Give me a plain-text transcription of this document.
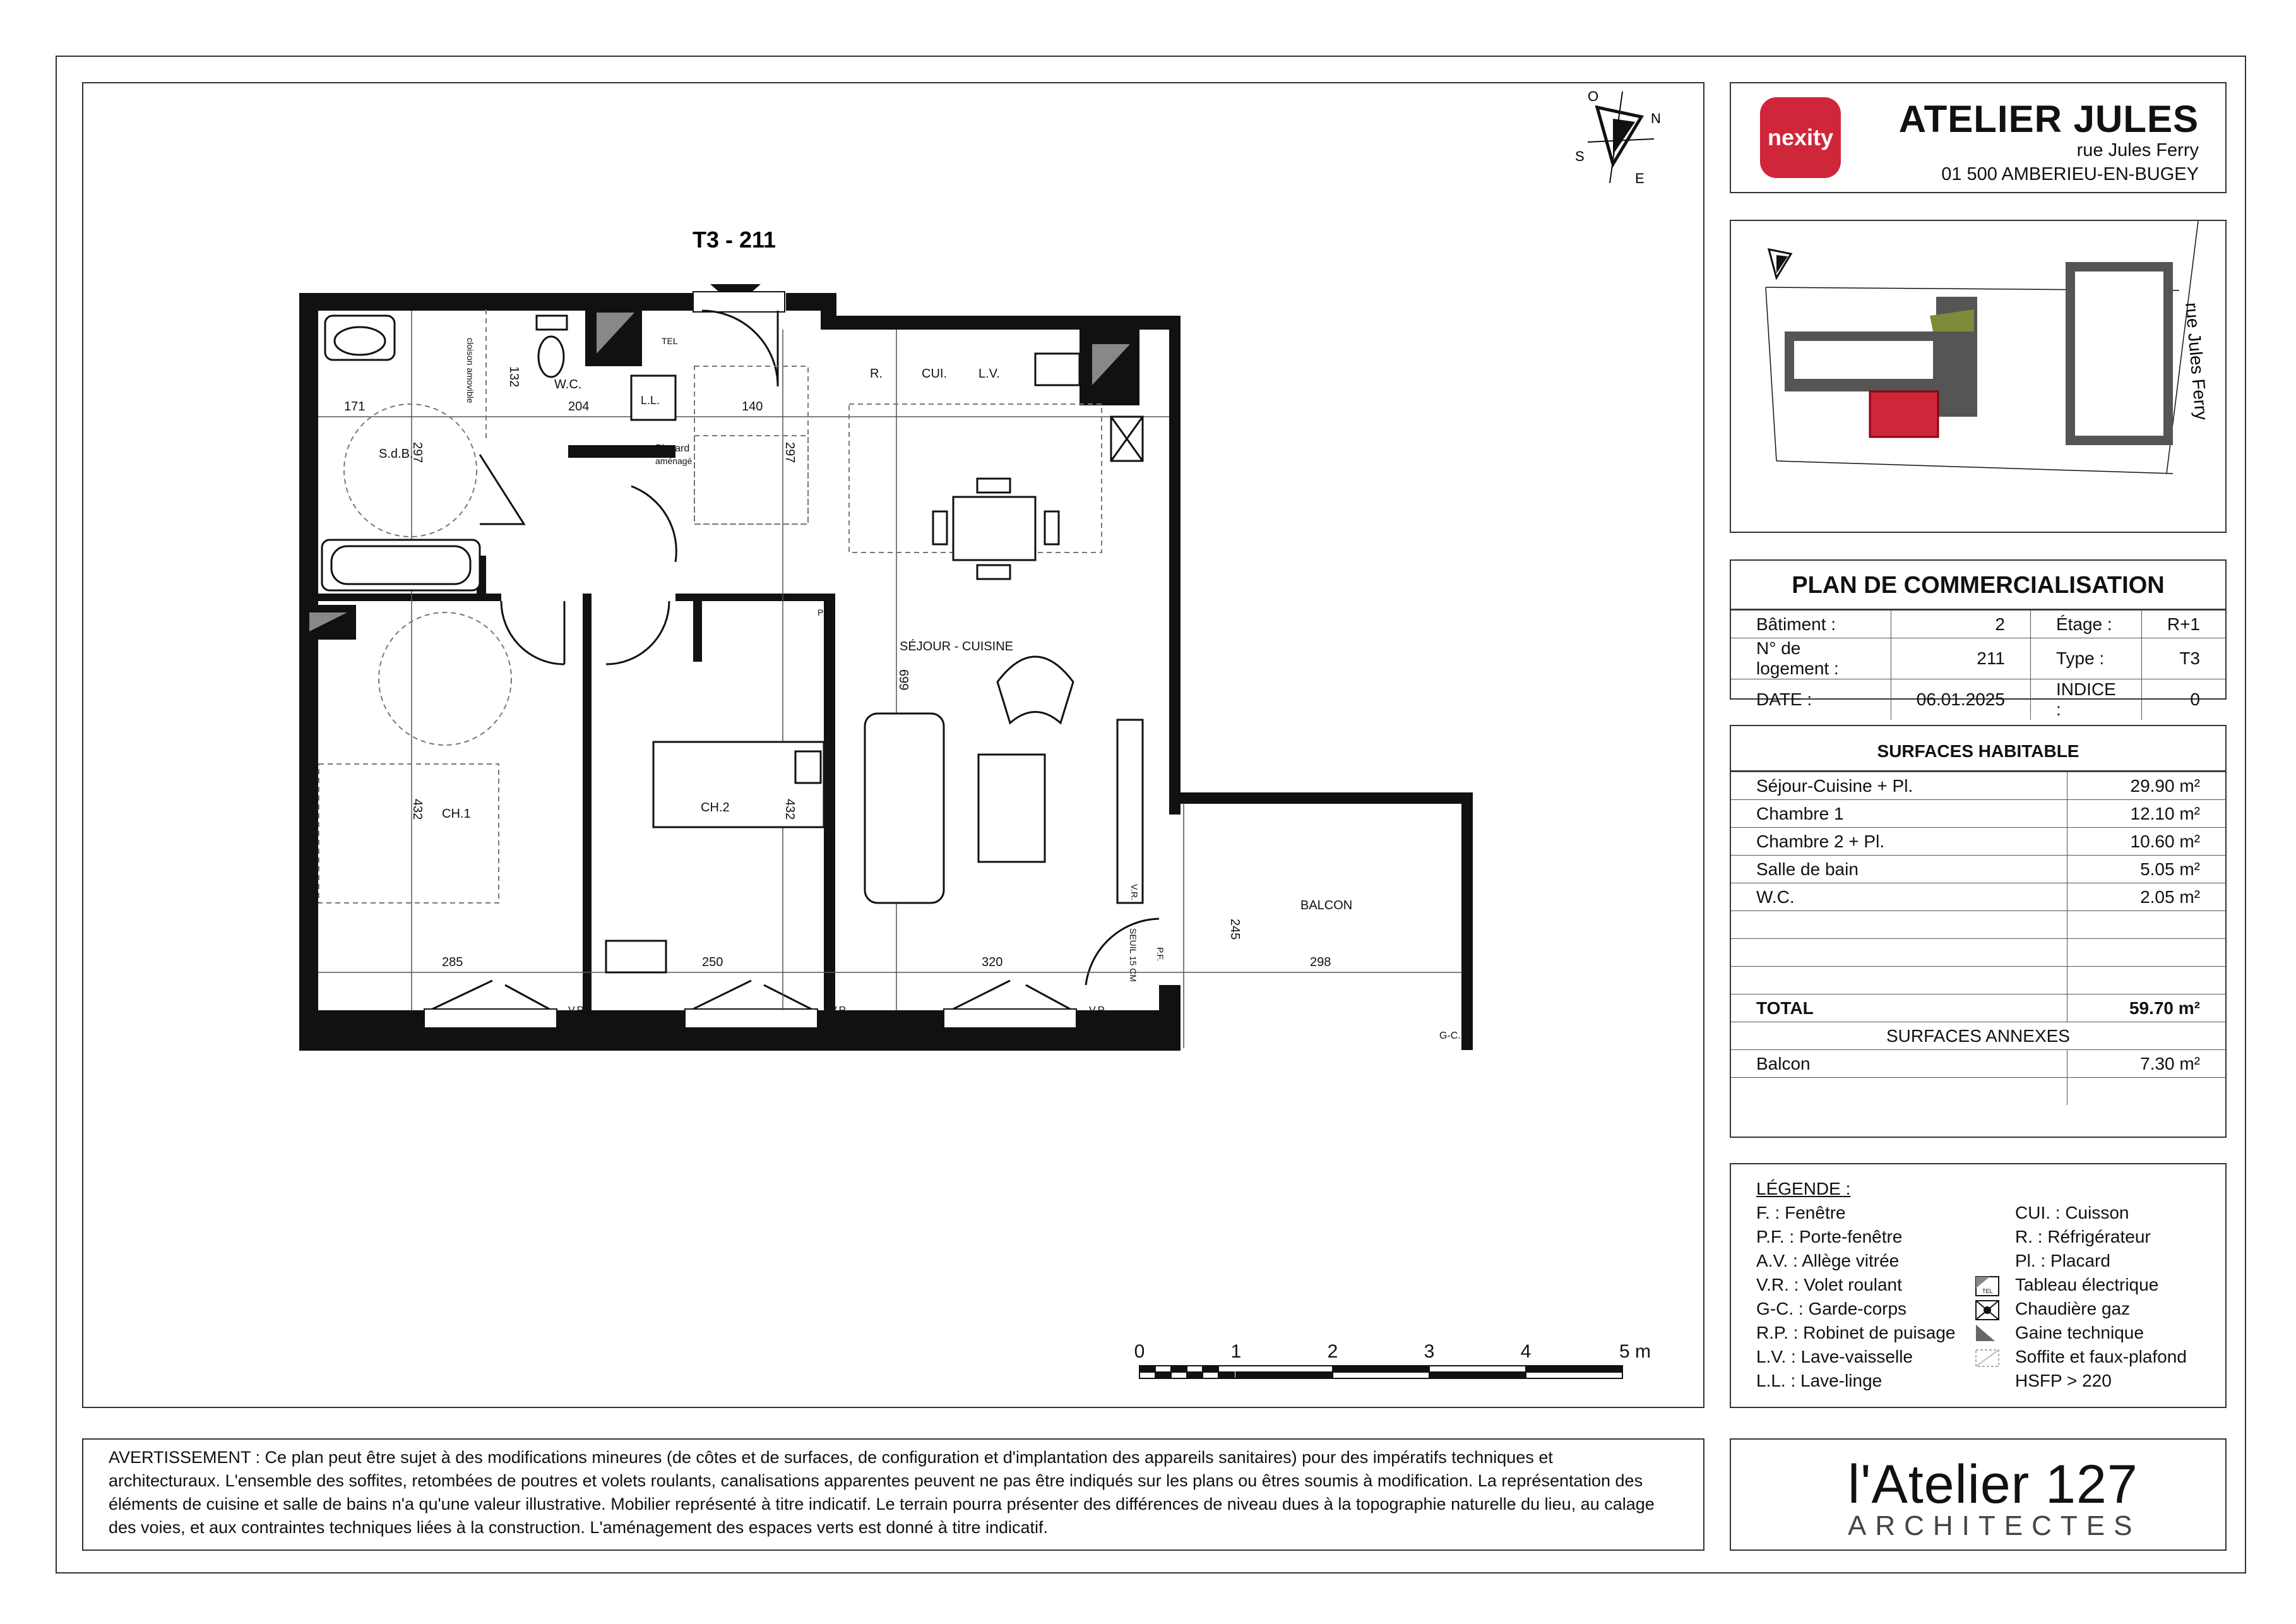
O
N
S
E
T3 - 211
S.d.B.
W.C.
TEL
L.L.
Placard
aménagé
R.	CUI.	L.V.
SÉJOUR - CUISINE
CH.1	CH.2
Pl.
BALCON
V.R.	V.R.	V.R.
G-C.
F.A.V. + FIXE	F.A.V. + FIXE	F.A.V. + FIXE
171	204	140
285	250	320	298
132
cloison amovible
297	297
432	432
699
245
SEUIL 15 CM P.F.
V.R.
0	1	2	3	4	5 m
nexity ATELIER JULES
rue Jules Ferry
01 500 AMBERIEU-EN-BUGEY
rue Jules Ferry
PLAN DE COMMERCIALISATION
Bâtiment :	2	Étage :	R+1
N° de logement :	211	Type :	T3
DATE :	06.01.2025	INDICE :	0
SURFACES HABITABLE
Séjour-Cuisine + Pl.	29.90 m²
Chambre 1	12.10 m²
Chambre 2 + Pl.	10.60 m²
Salle de bain	5.05 m²
W.C.	2.05 m²

TOTAL	59.70 m²
SURFACES ANNEXES	
Balcon	7.30 m²

LÉGENDE :
F. : Fenêtre
P.F. : Porte-fenêtre
A.V. : Allège vitrée
V.R. : Volet roulant
G-C. : Garde-corps
R.P. : Robinet de puisage
L.V. : Lave-vaisselle
L.L. : Lave-linge
CUI. : Cuisson
R. : Réfrigérateur
Pl. : Placard
Tableau électrique
Chaudière gaz
Gaine technique
Soffite et faux-plafond
HSFP > 220
TEL
AVERTISSEMENT : Ce plan peut être sujet à des modifications mineures (de côtes et de surfaces, de configuration et d'implantation des appareils sanitaires) pour des impératifs techniques et architecturaux. L'ensemble des soffites, retombées de poutres et volets roulants, canalisations apparentes peuvent ne pas être indiqués sur les plans ou êtres soumis à modification. La représentation des éléments de cuisine et salle de bains n'a qu'une valeur illustrative. Mobilier représenté à titre indicatif. Le terrain pourra présenter des différences de niveau dues à la topographie naturelle du lieu, au calage des voies, et aux contraintes techniques liées à la construction. L'aménagement des espaces verts est donné à titre indicatif.
l'Atelier 127
ARCHITECTES
